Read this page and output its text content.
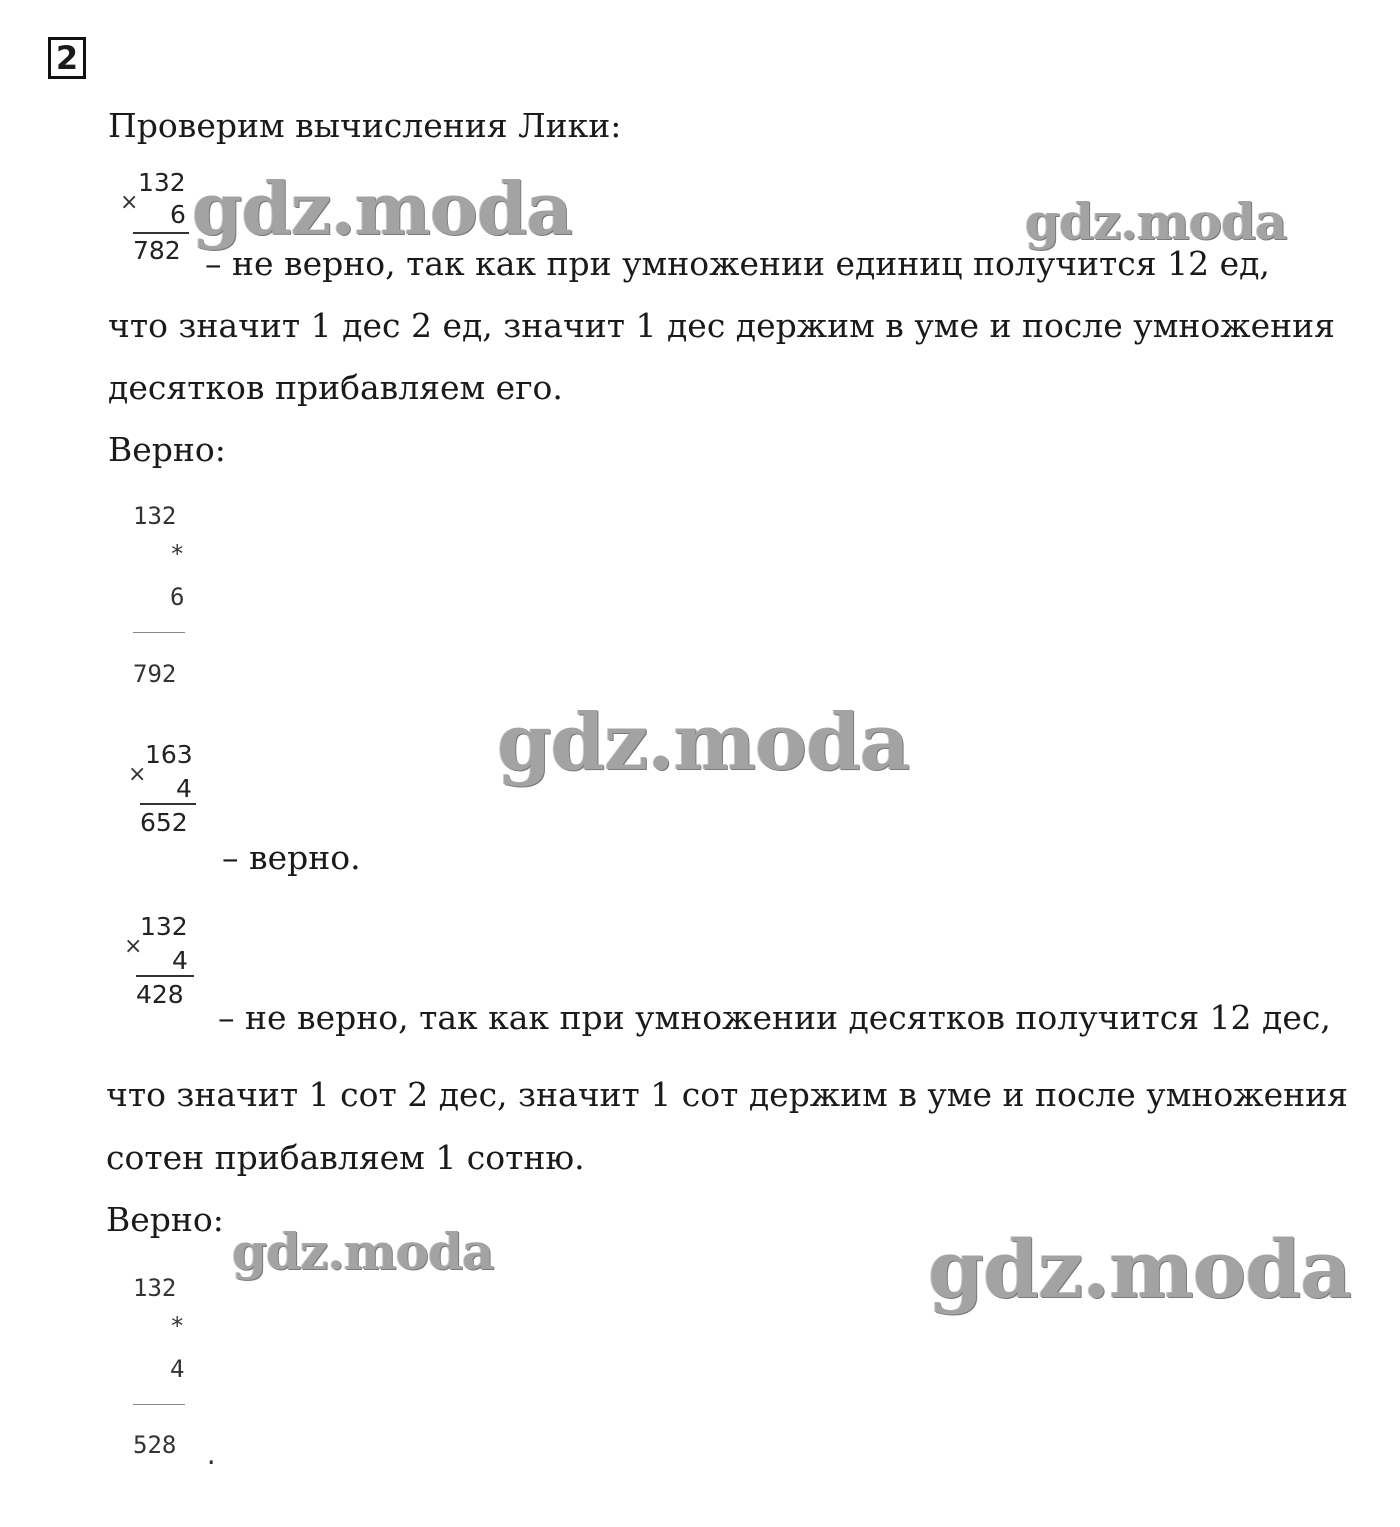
2
Проверим вычисления Лики:
×
132
6
782 – не верно, так как при умножении единиц получится 12 ед,
что значит 1 дес 2 ед, значит 1 дес держим в уме и после умножения
десятков прибавляем его.
Верно:
132
*
6
792
×
163
4
652
– верно.
×
132
4
428
– не верно, так как при умножении десятков получится 12 дес,
что значит 1 сот 2 дес, значит 1 сот держим в уме и после умножения
сотен прибавляем 1 сотню.
Верно:
132
*
4
528 .
gdz.moda	gdz.moda
gdz.moda
gdz.moda	gdz.moda
